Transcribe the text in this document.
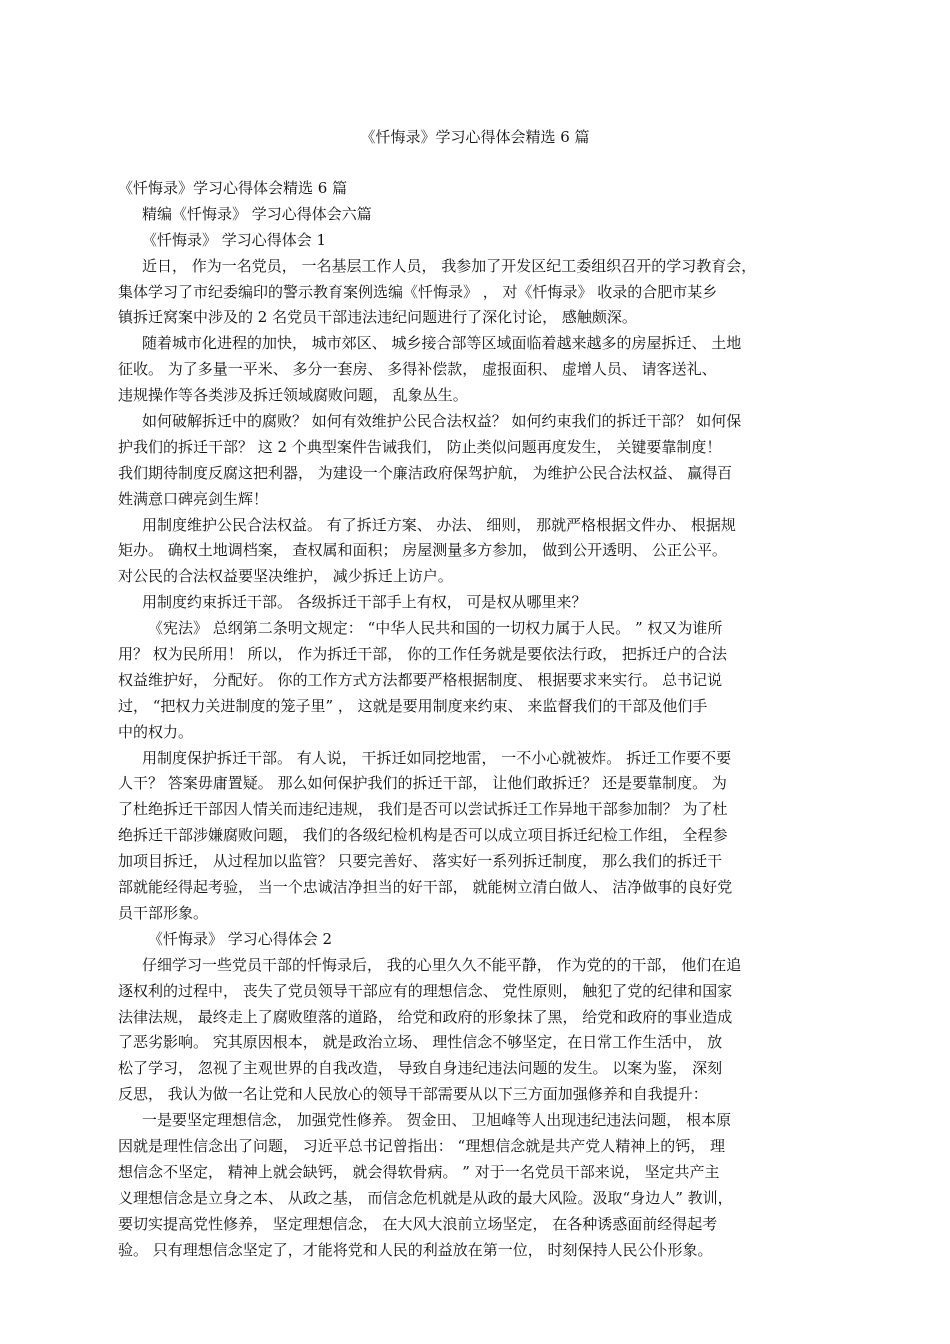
《忏悔录》学习心得体会精选 6 篇
《忏悔录》学习心得体会精选 6 篇
精编《忏悔录》 学习心得体会六篇
《忏悔录》 学习心得体会 1
近日， 作为一名党员， 一名基层工作人员， 我参加了开发区纪工委组织召开的学习教育会，
集体学习了市纪委编印的警示教育案例选编《忏悔录》 ， 对《忏悔录》 收录的合肥市某乡
镇拆迁窝案中涉及的 2 名党员干部违法违纪问题进行了深化讨论， 感触颇深。
随着城市化进程的加快， 城市郊区、 城乡接合部等区域面临着越来越多的房屋拆迁、 土地
征收。 为了多量一平米、 多分一套房、 多得补偿款， 虚报面积、 虚增人员、 请客送礼、
违规操作等各类涉及拆迁领域腐败问题， 乱象丛生。
如何破解拆迁中的腐败？ 如何有效维护公民合法权益？ 如何约束我们的拆迁干部？ 如何保
护我们的拆迁干部？ 这 2 个典型案件告诫我们， 防止类似问题再度发生， 关键要靠制度！
我们期待制度反腐这把利器， 为建设一个廉洁政府保驾护航， 为维护公民合法权益、 赢得百
姓满意口碑亮剑生辉！
用制度维护公民合法权益。 有了拆迁方案、 办法、 细则， 那就严格根据文件办、 根据规
矩办。 确权土地调档案， 查权属和面积； 房屋测量多方参加， 做到公开透明、 公正公平。
对公民的合法权益要坚决维护， 减少拆迁上访户。
用制度约束拆迁干部。 各级拆迁干部手上有权， 可是权从哪里来？
《宪法》 总纲第二条明文规定： “中华人民共和国的一切权力属于人民。 ” 权又为谁所
用？ 权为民所用！ 所以， 作为拆迁干部， 你的工作任务就是要依法行政， 把拆迁户的合法
权益维护好， 分配好。 你的工作方式方法都要严格根据制度、 根据要求来实行。 总书记说
过， “把权力关进制度的笼子里” ， 这就是要用制度来约束、 来监督我们的干部及他们手
中的权力。
用制度保护拆迁干部。 有人说， 干拆迁如同挖地雷， 一不小心就被炸。 拆迁工作要不要
人干？ 答案毋庸置疑。 那么如何保护我们的拆迁干部， 让他们敢拆迁？ 还是要靠制度。 为
了杜绝拆迁干部因人情关而违纪违规， 我们是否可以尝试拆迁工作异地干部参加制？ 为了杜
绝拆迁干部涉嫌腐败问题， 我们的各级纪检机构是否可以成立项目拆迁纪检工作组， 全程参
加项目拆迁， 从过程加以监管？ 只要完善好、 落实好一系列拆迁制度， 那么我们的拆迁干
部就能经得起考验， 当一个忠诚洁净担当的好干部， 就能树立清白做人、 洁净做事的良好党
员干部形象。
《忏悔录》 学习心得体会 2
仔细学习一些党员干部的忏悔录后， 我的心里久久不能平静， 作为党的的干部， 他们在追
逐权利的过程中， 丧失了党员领导干部应有的理想信念、 党性原则， 触犯了党的纪律和国家
法律法规， 最终走上了腐败堕落的道路， 给党和政府的形象抹了黑， 给党和政府的事业造成
了恶劣影响。 究其原因根本， 就是政治立场、 理性信念不够坚定，在日常工作生活中， 放
松了学习， 忽视了主观世界的自我改造， 导致自身违纪违法问题的发生。 以案为鉴， 深刻
反思， 我认为做一名让党和人民放心的领导干部需要从以下三方面加强修养和自我提升：
一是要坚定理想信念， 加强党性修养。 贺金田、 卫旭峰等人出现违纪违法问题， 根本原
因就是理性信念出了问题， 习近平总书记曾指出： “理想信念就是共产党人精神上的钙， 理
想信念不坚定， 精神上就会缺钙， 就会得软骨病。 ” 对于一名党员干部来说， 坚定共产主
义理想信念是立身之本、 从政之基， 而信念危机就是从政的最大风险。汲取“身边人” 教训，
要切实提高党性修养， 坚定理想信念， 在大风大浪前立场坚定， 在各种诱惑面前经得起考
验。 只有理想信念坚定了，才能将党和人民的利益放在第一位， 时刻保持人民公仆形象。
